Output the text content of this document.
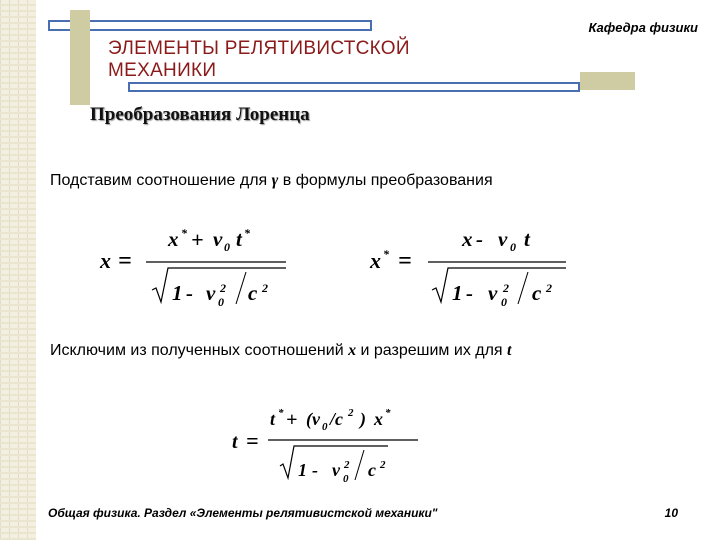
Кафедра физики
ЭЛЕМЕНТЫ РЕЛЯТИВИСТСКОЙ
МЕХАНИКИ
Преобразования Лоренца
Подставим соотношение для γ в формулы преобразования
x =
x * + v 0 t *
1 - v 2
0 c 2
x * =
x - v 0 t
1 - v 2
0 c 2
Исключим из полученных соотношений x и разрешим их для t
t =
t * + (v 0 /c 2 ) x *
1 - v 2
0 c 2
Общая физика. Раздел «Элементы релятивистской механики"	10
